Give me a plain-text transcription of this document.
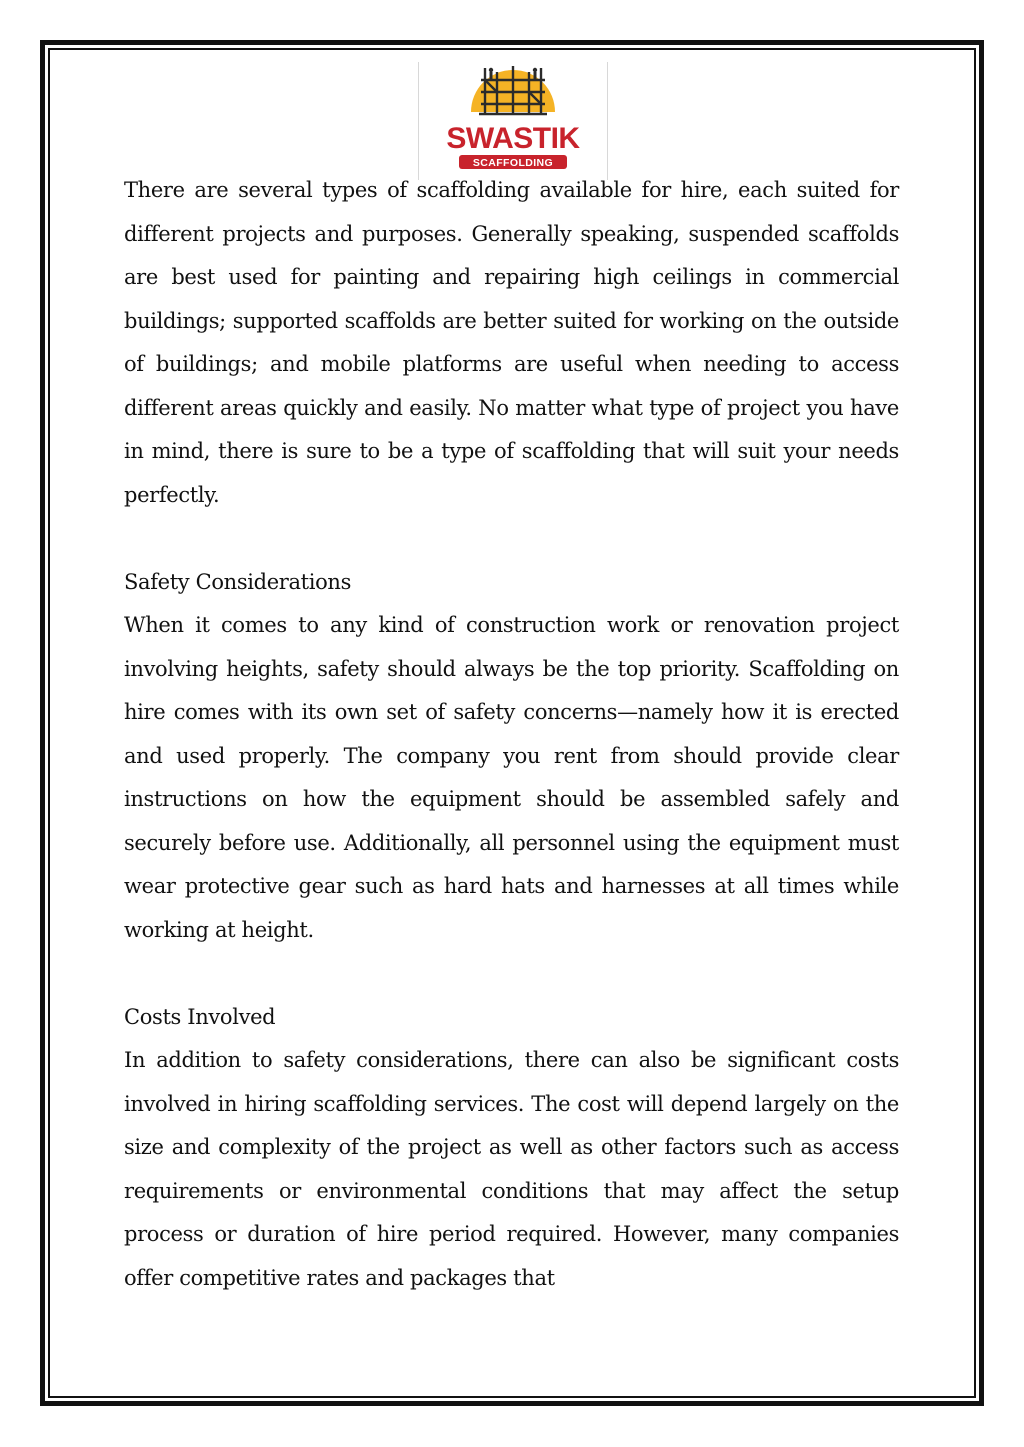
SWASTIK
SCAFFOLDING

There are several types of scaffolding available for hire, each suited for different projects and purposes. Generally speaking, suspended scaffolds are best used for painting and repairing high ceilings in commercial buildings; supported scaffolds are better suited for working on the outside of buildings; and mobile platforms are useful when needing to access different areas quickly and easily. No matter what type of project you have in mind, there is sure to be a type of scaffolding that will suit your needs perfectly.

Safety Considerations

When it comes to any kind of construction work or renovation project involving heights, safety should always be the top priority. Scaffolding on hire comes with its own set of safety concerns—namely how it is erected and used properly. The company you rent from should provide clear instructions on how the equipment should be assembled safely and securely before use. Additionally, all personnel using the equipment must wear protective gear such as hard hats and harnesses at all times while working at height.

Costs Involved

In addition to safety considerations, there can also be significant costs involved in hiring scaffolding services. The cost will depend largely on the size and complexity of the project as well as other factors such as access requirements or environmental conditions that may affect the setup process or duration of hire period required. However, many companies offer competitive rates and packages that
